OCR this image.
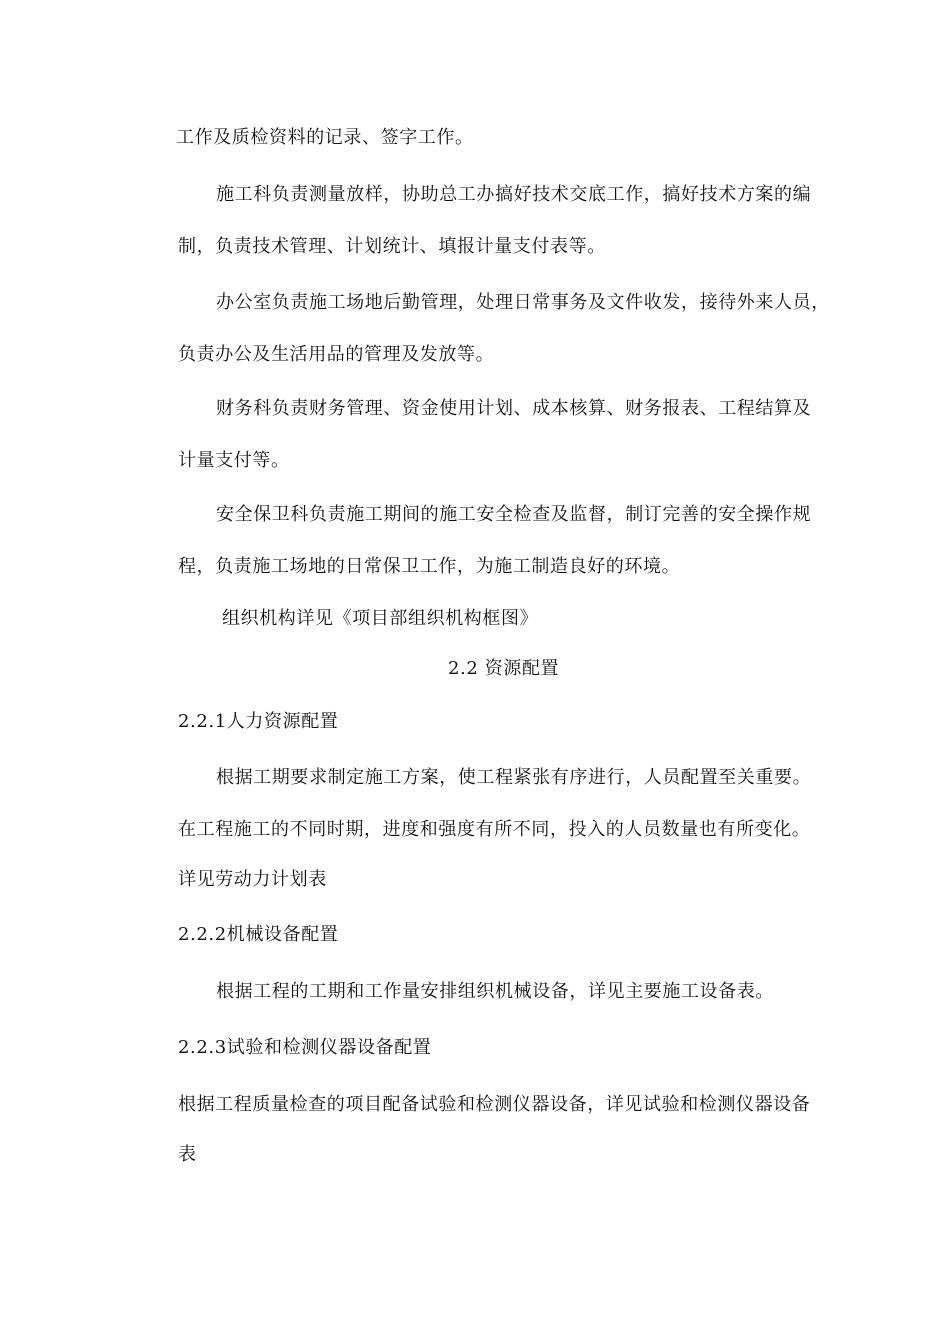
工作及质检资料的记录、签字工作。
施工科负责测量放样，协助总工办搞好技术交底工作，搞好技术方案的编
制，负责技术管理、计划统计、填报计量支付表等。
办公室负责施工场地后勤管理，处理日常事务及文件收发，接待外来人员，
负责办公及生活用品的管理及发放等。
财务科负责财务管理、资金使用计划、成本核算、财务报表、工程结算及
计量支付等。
安全保卫科负责施工期间的施工安全检查及监督，制订完善的安全操作规
程，负责施工场地的日常保卫工作，为施工制造良好的环境。
组织机构详见《项目部组织机构框图》
2.2 资源配置
2.2.1人力资源配置
根据工期要求制定施工方案，使工程紧张有序进行，人员配置至关重要。
在工程施工的不同时期，进度和强度有所不同，投入的人员数量也有所变化。
详见劳动力计划表
2.2.2机械设备配置
根据工程的工期和工作量安排组织机械设备，详见主要施工设备表。
2.2.3试验和检测仪器设备配置
根据工程质量检查的项目配备试验和检测仪器设备，详见试验和检测仪器设备
表
